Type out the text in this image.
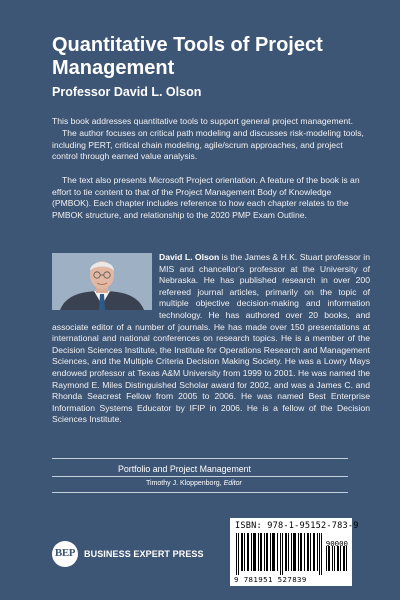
Quantitative Tools of Project Management
Professor David L. Olson

This book addresses quantitative tools to support general project management.

The author focuses on critical path modeling and discusses risk-modeling tools, including PERT, critical chain modeling, agile/scrum approaches, and project control through earned value analysis.

The text also presents Microsoft Project orientation. A feature of the book is an effort to tie content to that of the Project Management Body of Knowledge (PMBOK). Each chapter includes reference to how each chapter relates to the PMBOK structure, and relationship to the 2020 PMP Exam Outline.

David L. Olson is the James & H.K. Stuart professor in MIS and chancellor's professor at the University of Nebraska. He has published research in over 200 refereed journal articles, primarily on the topic of multiple objective decision-making and information technology. He has authored over 20 books, and associate editor of a number of journals. He has made over 150 presentations at international and national conferences on research topics. He is a member of the Decision Sciences Institute, the Institute for Operations Research and Management Sciences, and the Multiple Criteria Decision Making Society. He was a Lowry Mays endowed professor at Texas A&M University from 1999 to 2001. He was named the Raymond E. Miles Distinguished Scholar award for 2002, and was a James C. and Rhonda Seacrest Fellow from 2005 to 2006. He was named Best Enterprise Information Systems Educator by IFIP in 2006. He is a fellow of the Decision Sciences Institute.
Portfolio and Project Management
Timothy J. Kloppenborg, Editor
ISBN: 978-1-95152-783-9
90000
9 781951 527839
BEP BUSINESS EXPERT PRESS
